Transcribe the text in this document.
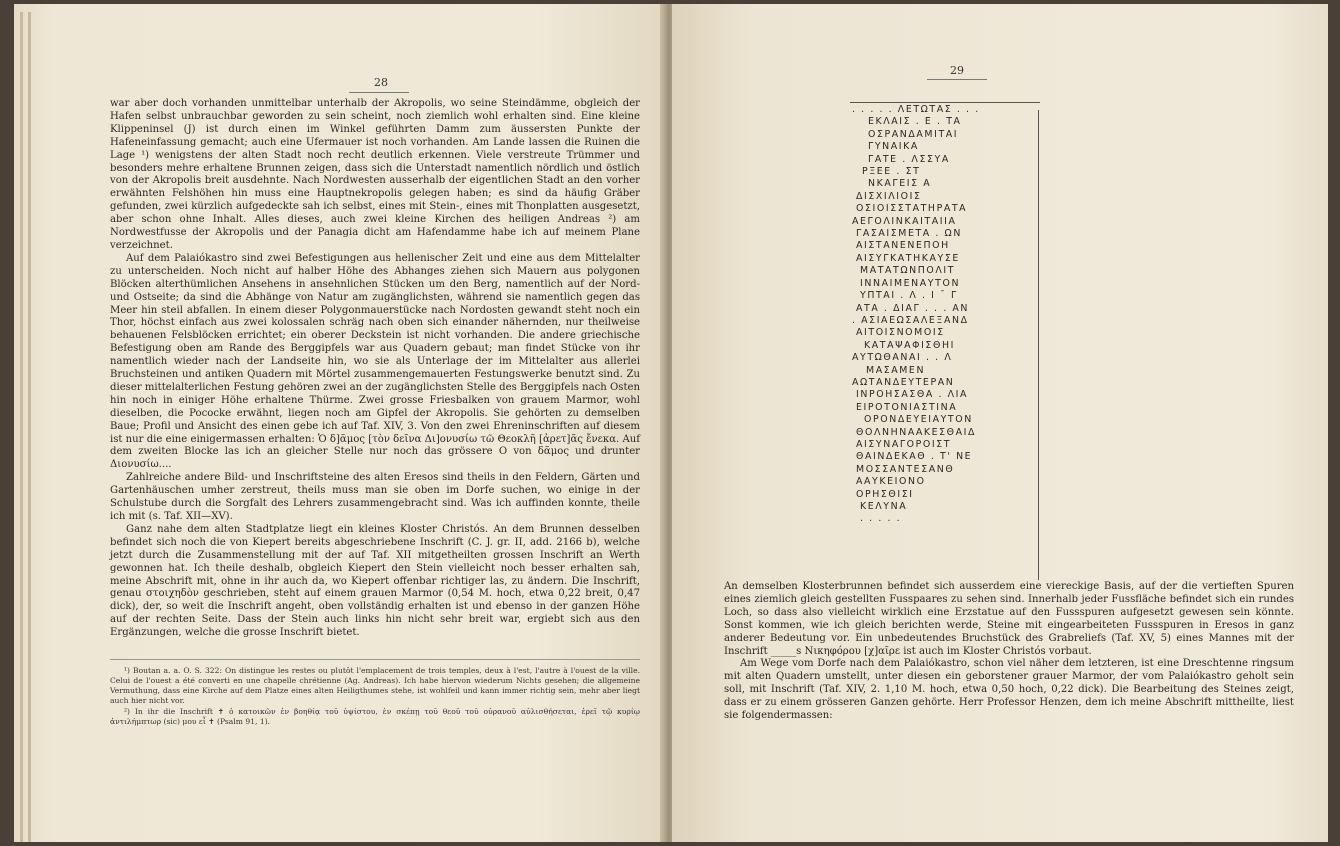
28

war aber doch vorhanden unmittelbar unterhalb der Akropolis, wo seine Steindämme, obgleich der Hafen selbst unbrauchbar geworden zu sein scheint, noch ziemlich wohl erhalten sind. Eine kleine Klippeninsel (J) ist durch einen im Winkel geführten Damm zum äussersten Punkte der Hafeneinfassung gemacht; auch eine Ufermauer ist noch vorhanden. Am Lande lassen die Ruinen die Lage ¹) wenigstens der alten Stadt noch recht deutlich erkennen. Viele verstreute Trümmer und besonders mehre erhaltene Brunnen zeigen, dass sich die Unterstadt namentlich nördlich und östlich von der Akropolis breit ausdehnte. Nach Nordwesten ausserhalb der eigentlichen Stadt an den vorher erwähnten Felshöhen hin muss eine Hauptnekropolis gelegen haben; es sind da häufig Gräber gefunden, zwei kürzlich aufgedeckte sah ich selbst, eines mit Stein-, eines mit Thonplatten ausgesetzt, aber schon ohne Inhalt. Alles dieses, auch zwei kleine Kirchen des heiligen Andreas ²) am Nordwestfusse der Akropolis und der Panagia dicht am Hafendamme habe ich auf meinem Plane verzeichnet.

Auf dem Palaiókastro sind zwei Befestigungen aus hellenischer Zeit und eine aus dem Mittelalter zu unterscheiden. Noch nicht auf halber Höhe des Abhanges ziehen sich Mauern aus polygonen Blöcken alterthümlichen Ansehens in ansehnlichen Stücken um den Berg, namentlich auf der Nord- und Ostseite; da sind die Abhänge von Natur am zugänglichsten, während sie namentlich gegen das Meer hin steil abfallen. In einem dieser Polygonmauerstücke nach Nordosten gewandt steht noch ein Thor, höchst einfach aus zwei kolossalen schräg nach oben sich einander nähernden, nur theilweise behauenen Felsblöcken errichtet; ein oberer Deckstein ist nicht vorhanden. Die andere griechische Befestigung oben am Rande des Berggipfels war aus Quadern gebaut; man findet Stücke von ihr namentlich wieder nach der Landseite hin, wo sie als Unterlage der im Mittelalter aus allerlei Bruchsteinen und antiken Quadern mit Mörtel zusammengemauerten Festungswerke benutzt sind. Zu dieser mittelalterlichen Festung gehören zwei an der zugänglichsten Stelle des Berggipfels nach Osten hin noch in einiger Höhe erhaltene Thürme. Zwei grosse Friesbalken von grauem Marmor, wohl dieselben, die Pococke erwähnt, liegen noch am Gipfel der Akropolis. Sie gehörten zu demselben Baue; Profil und Ansicht des einen gebe ich auf Taf. XIV, 3. Von den zwei Ehreninschriften auf diesem ist nur die eine einigermassen erhalten: Ὁ δ]ᾶμος [τὸν δεῖνα Δι]ονυσίω τῶ Θεοκλῆ [ἀρετ]ᾶς ἔνεκα. Auf dem zweiten Blocke las ich an gleicher Stelle nur noch das grössere O von δᾶμος und drunter Διονυσίω....

Zahlreiche andere Bild- und Inschriftsteine des alten Eresos sind theils in den Feldern, Gärten und Gartenhäuschen umher zerstreut, theils muss man sie oben im Dorfe suchen, wo einige in der Schulstube durch die Sorgfalt des Lehrers zusammengebracht sind. Was ich auffinden konnte, theile ich mit (s. Taf. XII—XV).

Ganz nahe dem alten Stadtplatze liegt ein kleines Kloster Christós. An dem Brunnen desselben befindet sich noch die von Kiepert bereits abgeschriebene Inschrift (C. J. gr. II, add. 2166 b), welche jetzt durch die Zusammenstellung mit der auf Taf. XII mitgetheilten grossen Inschrift an Werth gewonnen hat. Ich theile deshalb, obgleich Kiepert den Stein vielleicht noch besser erhalten sah, meine Abschrift mit, ohne in ihr auch da, wo Kiepert offenbar richtiger las, zu ändern. Die Inschrift, genau στοιχηδὸν geschrieben, steht auf einem grauen Marmor (0,54 M. hoch, etwa 0,22 breit, 0,47 dick), der, so weit die Inschrift angeht, oben vollständig erhalten ist und ebenso in der ganzen Höhe auf der rechten Seite. Dass der Stein auch links hin nicht sehr breit war, ergiebt sich aus den Ergänzungen, welche die grosse Inschrift bietet.

¹) Boutan a. a. O. S. 322: On distingue les restes ou plutôt l'emplacement de trois temples, deux à l'est, l'autre à l'ouest de la ville. Celui de l'ouest a été converti en une chapelle chrétienne (Ag. Andreas). Ich habe hiervon wiederum Nichts gesehen; die allgemeine Vermuthung, dass eine Kirche auf dem Platze eines alten Heiligthumes stehe, ist wohlfeil und kann immer richtig sein, mehr aber liegt auch hier nicht vor.

²) In ihr die Inschrift ✝ ὁ κατοικῶν ἐν βοηθίᾳ τοῦ ὑψίστου, ἐν σκέπῃ τοῦ θεοῦ τοῦ οὐρανοῦ αὐλισθήσεται, ἐρεῖ τῷ κυρίῳ ἀντιλήμπτωρ (sic) μου εἶ ✝ (Psalm 91, 1).

29
. . . . . ΛΕΤΩΤΑΣ . . .
ΕΚΛΑΙΣ . Ε . ΤΑ
ΟΣΡΑΝΔΑΜΙΤΑΙ
ΓΥΝΑΙΚΑ
ΓΑΤΕ . ΛΣΣΥΑ
ΡΞΕΕ . ΣΤ
ΝΚΑΓΕΙΣ Α
ΔΙΣΧΙΛΙΟΙΣ
ΟΣΙΟΙΣΣΤΑΤΗΡΑΤΑ
ΑΕΓΟΛΙΝΚΑΙΤΑΙΙΑ
ΓΑΣΑΙΣΜΕΤΑ . ΩΝ
ΑΙΣΤΑΝΕΝΕΠΟΗ
ΑΙΣΥΓΚΑΤΗΚΑΥΣΕ
ΜΑΤΑΤΩΝΠΟΛΙΤ
ΙΝΝΑΙΜΕΝΑΥΤΟΝ
ΥΠΤΑΙ . Λ . Ι ¯ Γ
ΑΤΑ . ΔΙΑΓ . . . ΑΝ
. ΑΣΙΑΕΩΣΑΛΕΞΑΝΔ
ΑΙΤΟΙΣΝΟΜΟΙΣ
ΚΑΤΑΨΑΦΙΣΘΗΙ
ΑΥΤΩΘΑΝΑΙ . . Λ
ΜΑΣΑΜΕΝ
ΑΩΤΑΝΔΕΥΤΕΡΑΝ
ΙΝΡΟΗΣΑΣΘΑ . ΛΙΑ
ΕΙΡΟΤΟΝΙΑΣΤΙΝΑ
ΟΡΟΝΔΕΥΕΙΑΥΤΟΝ
ΘΟΛΝΗΝΑΑΚΕΣΘΑΙΔ
ΑΙΣΥΝΑΓΟΡΟΙΣΤ
ΘΑΙΝΔΕΚΑΘ . Τ' ΝΕ
ΜΟΣΣΑΝΤΕΣΑΝΘ
ΑΑΥΚΕΙΟΝΟ
ΟΡΗΣΘΙΣΙ
ΚΕΛΥΝΑ
. . . . .

An demselben Klosterbrunnen befindet sich ausserdem eine viereckige Basis, auf der die vertieften Spuren eines ziemlich gleich gestellten Fusspaares zu sehen sind. Innerhalb jeder Fussfläche befindet sich ein rundes Loch, so dass also vielleicht wirklich eine Erzstatue auf den Fussspuren aufgesetzt gewesen sein könnte. Sonst kommen, wie ich gleich berichten werde, Steine mit eingearbeiteten Fussspuren in Eresos in ganz anderer Bedeutung vor. Ein unbedeutendes Bruchstück des Grabreliefs (Taf. XV, 5) eines Mannes mit der Inschrift _____s Νικηφόρου [χ]αῖρε ist auch im Kloster Christós vorbaut.

Am Wege vom Dorfe nach dem Palaiókastro, schon viel näher dem letzteren, ist eine Dreschtenne ringsum mit alten Quadern umstellt, unter diesen ein geborstener grauer Marmor, der vom Palaiókastro geholt sein soll, mit Inschrift (Taf. XIV, 2. 1,10 M. hoch, etwa 0,50 hoch, 0,22 dick). Die Bearbeitung des Steines zeigt, dass er zu einem grösseren Ganzen gehörte. Herr Professor Henzen, dem ich meine Abschrift mittheilte, liest sie folgendermassen:
